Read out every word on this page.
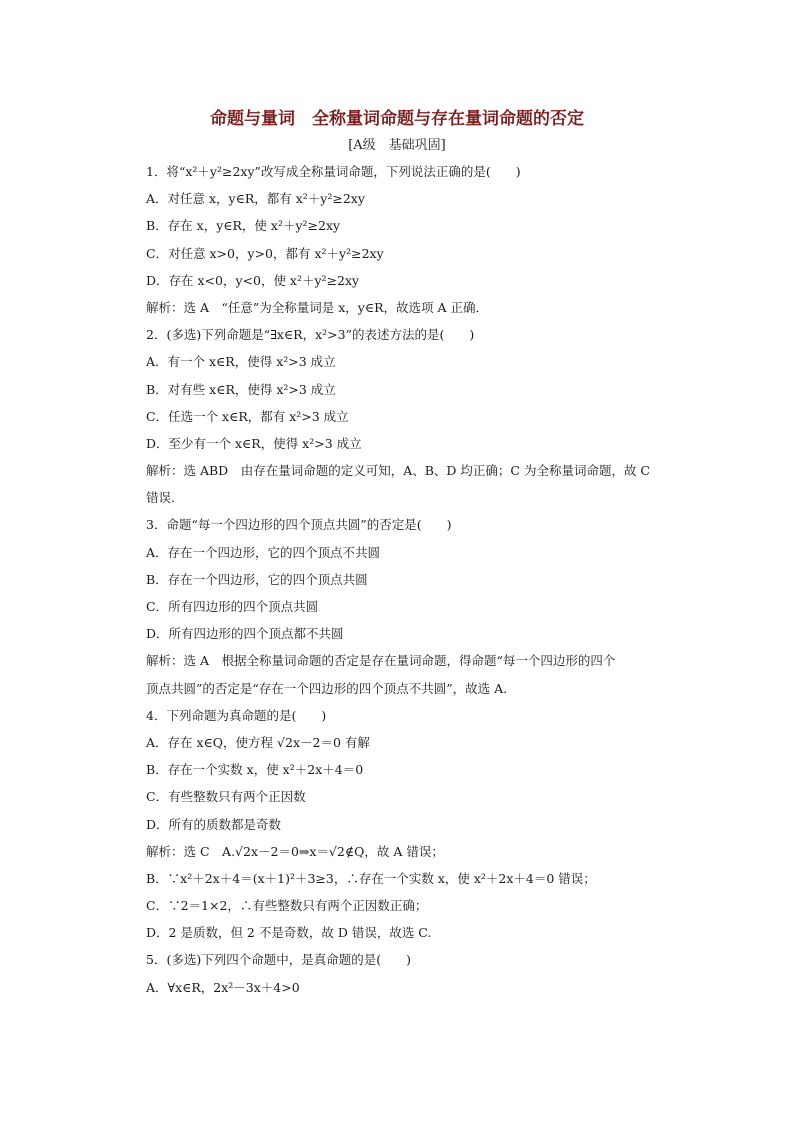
命题与量词　全称量词命题与存在量词命题的否定
[A级　基础巩固]
1．将“x²＋y²≥2xy”改写成全称量词命题，下列说法正确的是(　　)
A．对任意 x，y∈R，都有 x²＋y²≥2xy
B．存在 x，y∈R，使 x²＋y²≥2xy
C．对任意 x>0，y>0，都有 x²＋y²≥2xy
D．存在 x<0，y<0，使 x²＋y²≥2xy
解析：选 A　“任意”为全称量词是 x，y∈R，故选项 A 正确．
2．(多选)下列命题是“∃x∈R，x²>3”的表述方法的是(　　)
A．有一个 x∈R，使得 x²>3 成立
B．对有些 x∈R，使得 x²>3 成立
C．任选一个 x∈R，都有 x²>3 成立
D．至少有一个 x∈R，使得 x²>3 成立
解析：选 ABD　由存在量词命题的定义可知，A、B、D 均正确；C 为全称量词命题，故 C
错误．
3．命题“每一个四边形的四个顶点共圆”的否定是(　　)
A．存在一个四边形，它的四个顶点不共圆
B．存在一个四边形，它的四个顶点共圆
C．所有四边形的四个顶点共圆
D．所有四边形的四个顶点都不共圆
解析：选 A　根据全称量词命题的否定是存在量词命题，得命题“每一个四边形的四个
顶点共圆”的否定是“存在一个四边形的四个顶点不共圆”，故选 A.
4．下列命题为真命题的是(　　)
A．存在 x∈Q，使方程 √2x－2＝0 有解
B．存在一个实数 x，使 x²＋2x＋4＝0
C．有些整数只有两个正因数
D．所有的质数都是奇数
解析：选 C　A.√2x－2＝0⇒x＝√2∉Q，故 A 错误；
B．∵x²＋2x＋4＝(x＋1)²＋3≥3，∴存在一个实数 x，使 x²＋2x＋4＝0 错误；
C．∵2＝1×2，∴有些整数只有两个正因数正确；
D．2 是质数，但 2 不是奇数，故 D 错误，故选 C.
5．(多选)下列四个命题中，是真命题的是(　　)
A．∀x∈R，2x²－3x＋4>0
